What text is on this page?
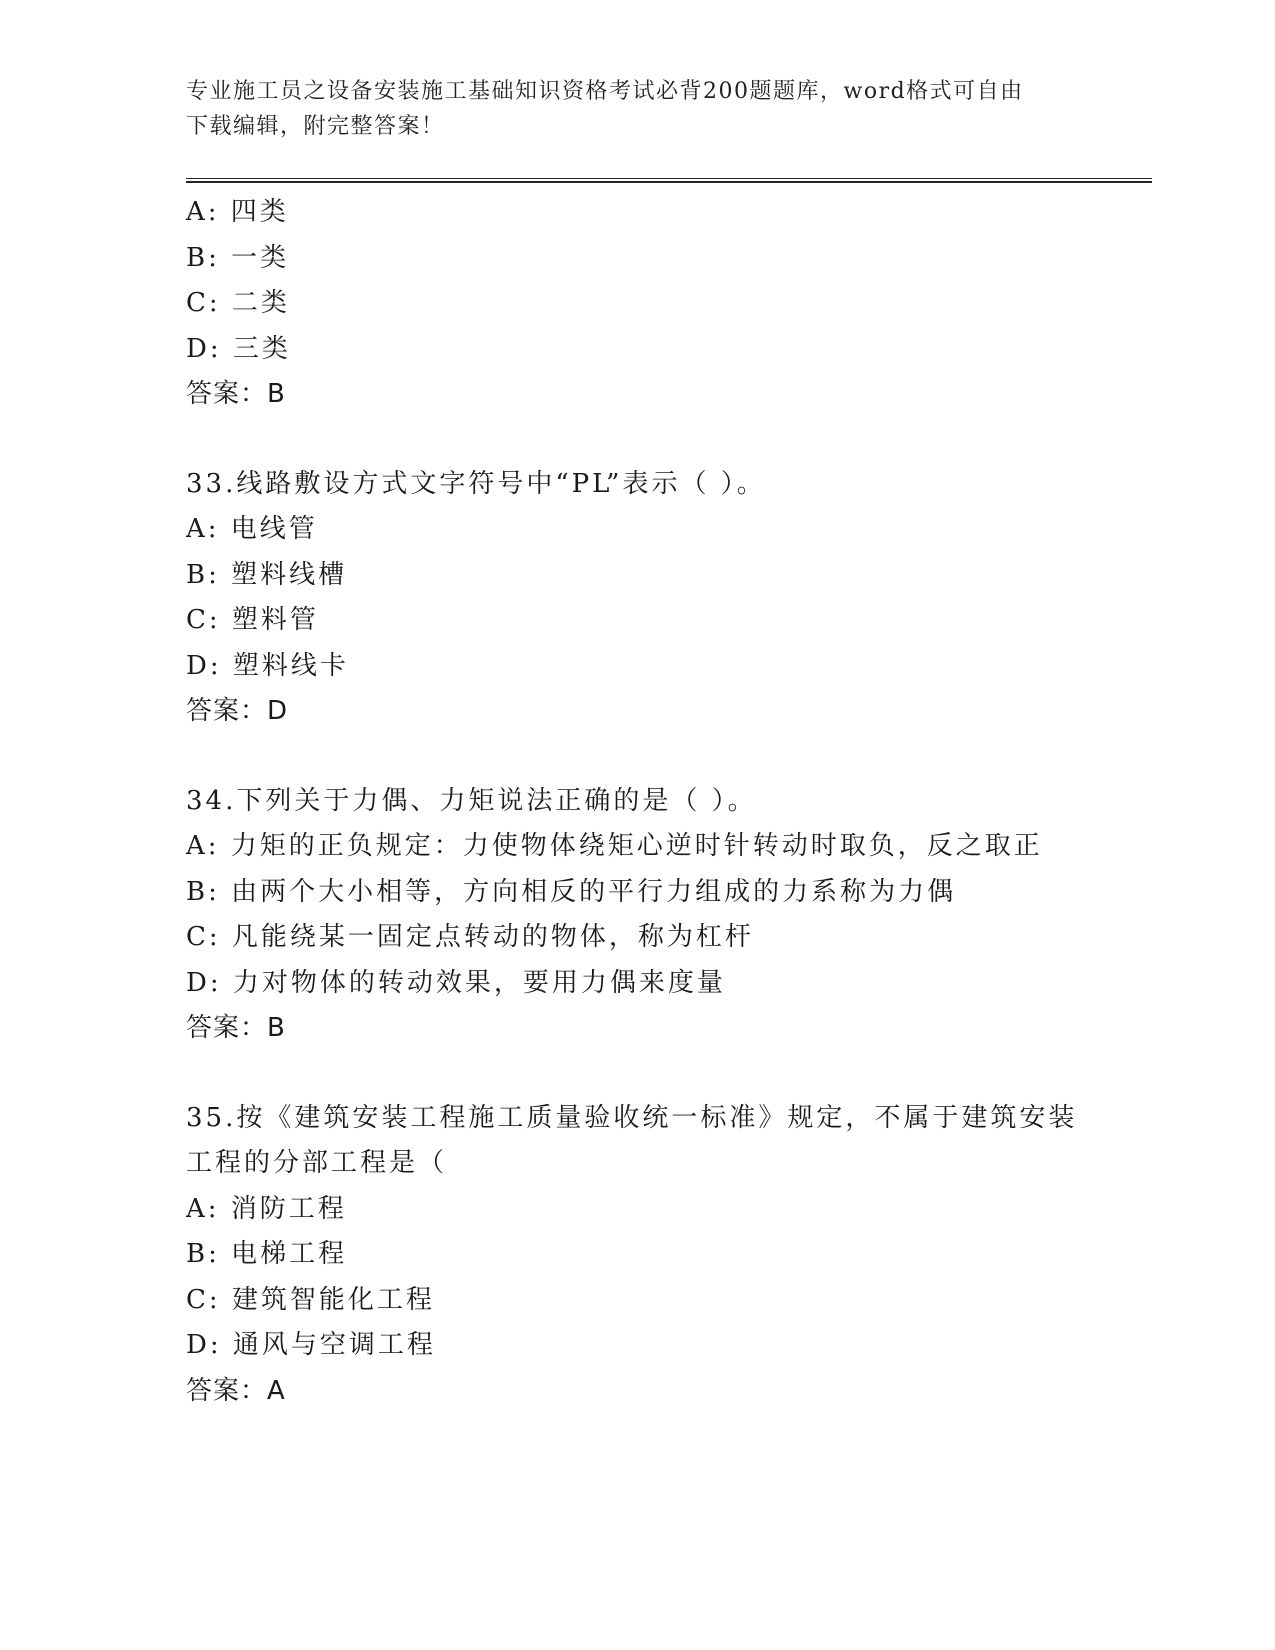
专业施工员之设备安装施工基础知识资格考试必背200题题库，word格式可自由
下载编辑，附完整答案！
A: 四类
B: 一类
C: 二类
D: 三类
答案：B
33.线路敷设方式文字符号中“PL”表示（ ）。
A: 电线管
B: 塑料线槽
C: 塑料管
D: 塑料线卡
答案：D
34.下列关于力偶、力矩说法正确的是（ ）。
A: 力矩的正负规定：力使物体绕矩心逆时针转动时取负，反之取正
B: 由两个大小相等，方向相反的平行力组成的力系称为力偶
C: 凡能绕某一固定点转动的物体，称为杠杆
D: 力对物体的转动效果，要用力偶来度量
答案：B
35.按《建筑安装工程施工质量验收统一标准》规定，不属于建筑安装工程的分部工程是（
A: 消防工程
B: 电梯工程
C: 建筑智能化工程
D: 通风与空调工程
答案：A
